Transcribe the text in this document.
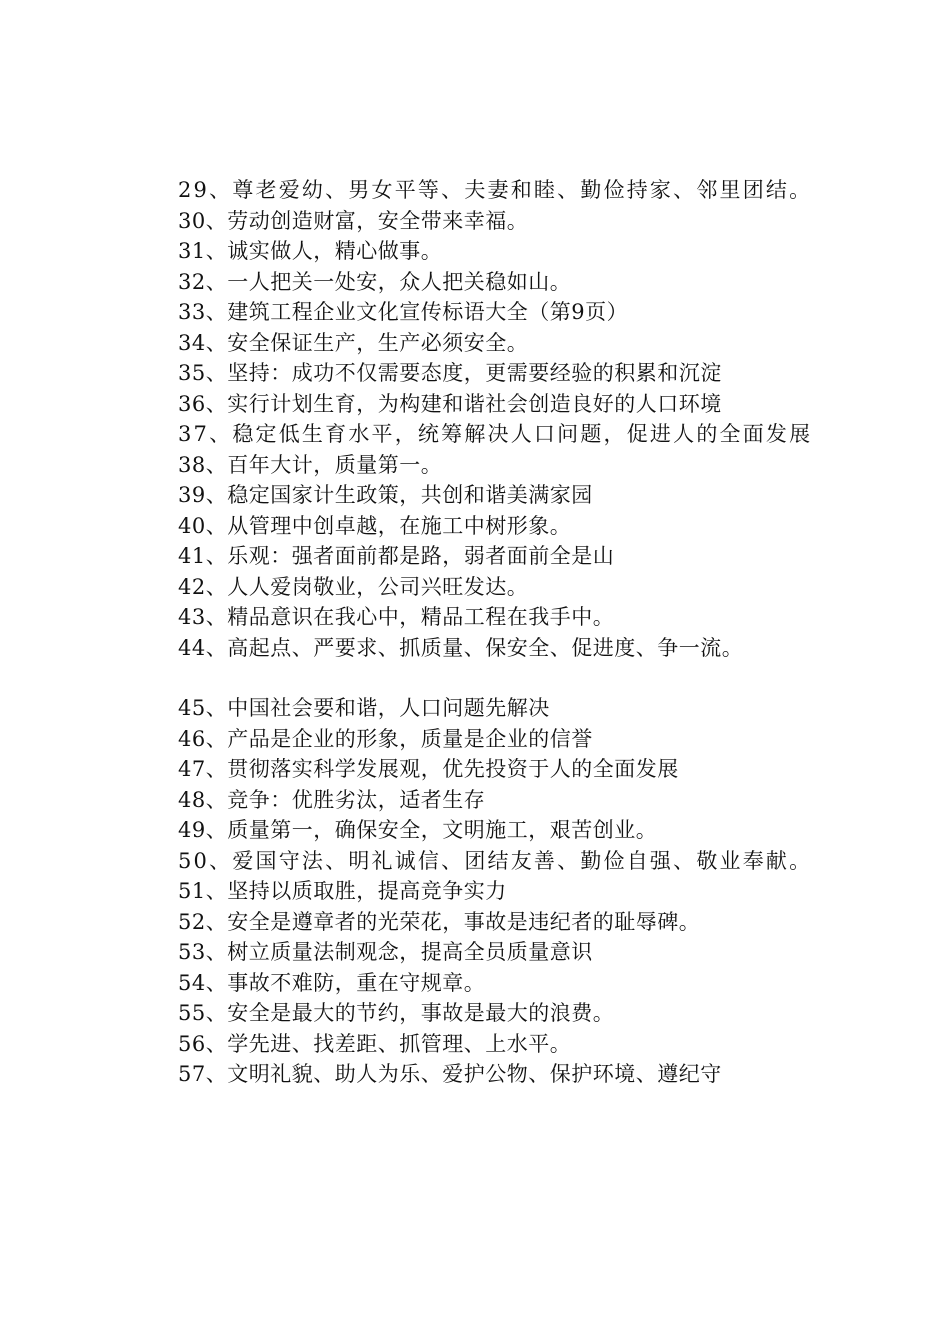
29、尊老爱幼、男女平等、夫妻和睦、勤俭持家、邻里团结。
30、劳动创造财富，安全带来幸福。
31、诚实做人，精心做事。
32、一人把关一处安，众人把关稳如山。
33、建筑工程企业文化宣传标语大全（第9页）
34、安全保证生产，生产必须安全。
35、坚持：成功不仅需要态度，更需要经验的积累和沉淀
36、实行计划生育，为构建和谐社会创造良好的人口环境
37、稳定低生育水平，统筹解决人口问题，促进人的全面发展
38、百年大计，质量第一。
39、稳定国家计生政策，共创和谐美满家园
40、从管理中创卓越，在施工中树形象。
41、乐观：强者面前都是路，弱者面前全是山
42、人人爱岗敬业，公司兴旺发达。
43、精品意识在我心中，精品工程在我手中。
44、高起点、严要求、抓质量、保安全、促进度、争一流。
45、中国社会要和谐，人口问题先解决
46、产品是企业的形象，质量是企业的信誉
47、贯彻落实科学发展观，优先投资于人的全面发展
48、竞争：优胜劣汰，适者生存
49、质量第一，确保安全，文明施工，艰苦创业。
50、爱国守法、明礼诚信、团结友善、勤俭自强、敬业奉献。
51、坚持以质取胜，提高竞争实力
52、安全是遵章者的光荣花，事故是违纪者的耻辱碑。
53、树立质量法制观念，提高全员质量意识
54、事故不难防，重在守规章。
55、安全是最大的节约，事故是最大的浪费。
56、学先进、找差距、抓管理、上水平。
57、文明礼貌、助人为乐、爱护公物、保护环境、遵纪守
